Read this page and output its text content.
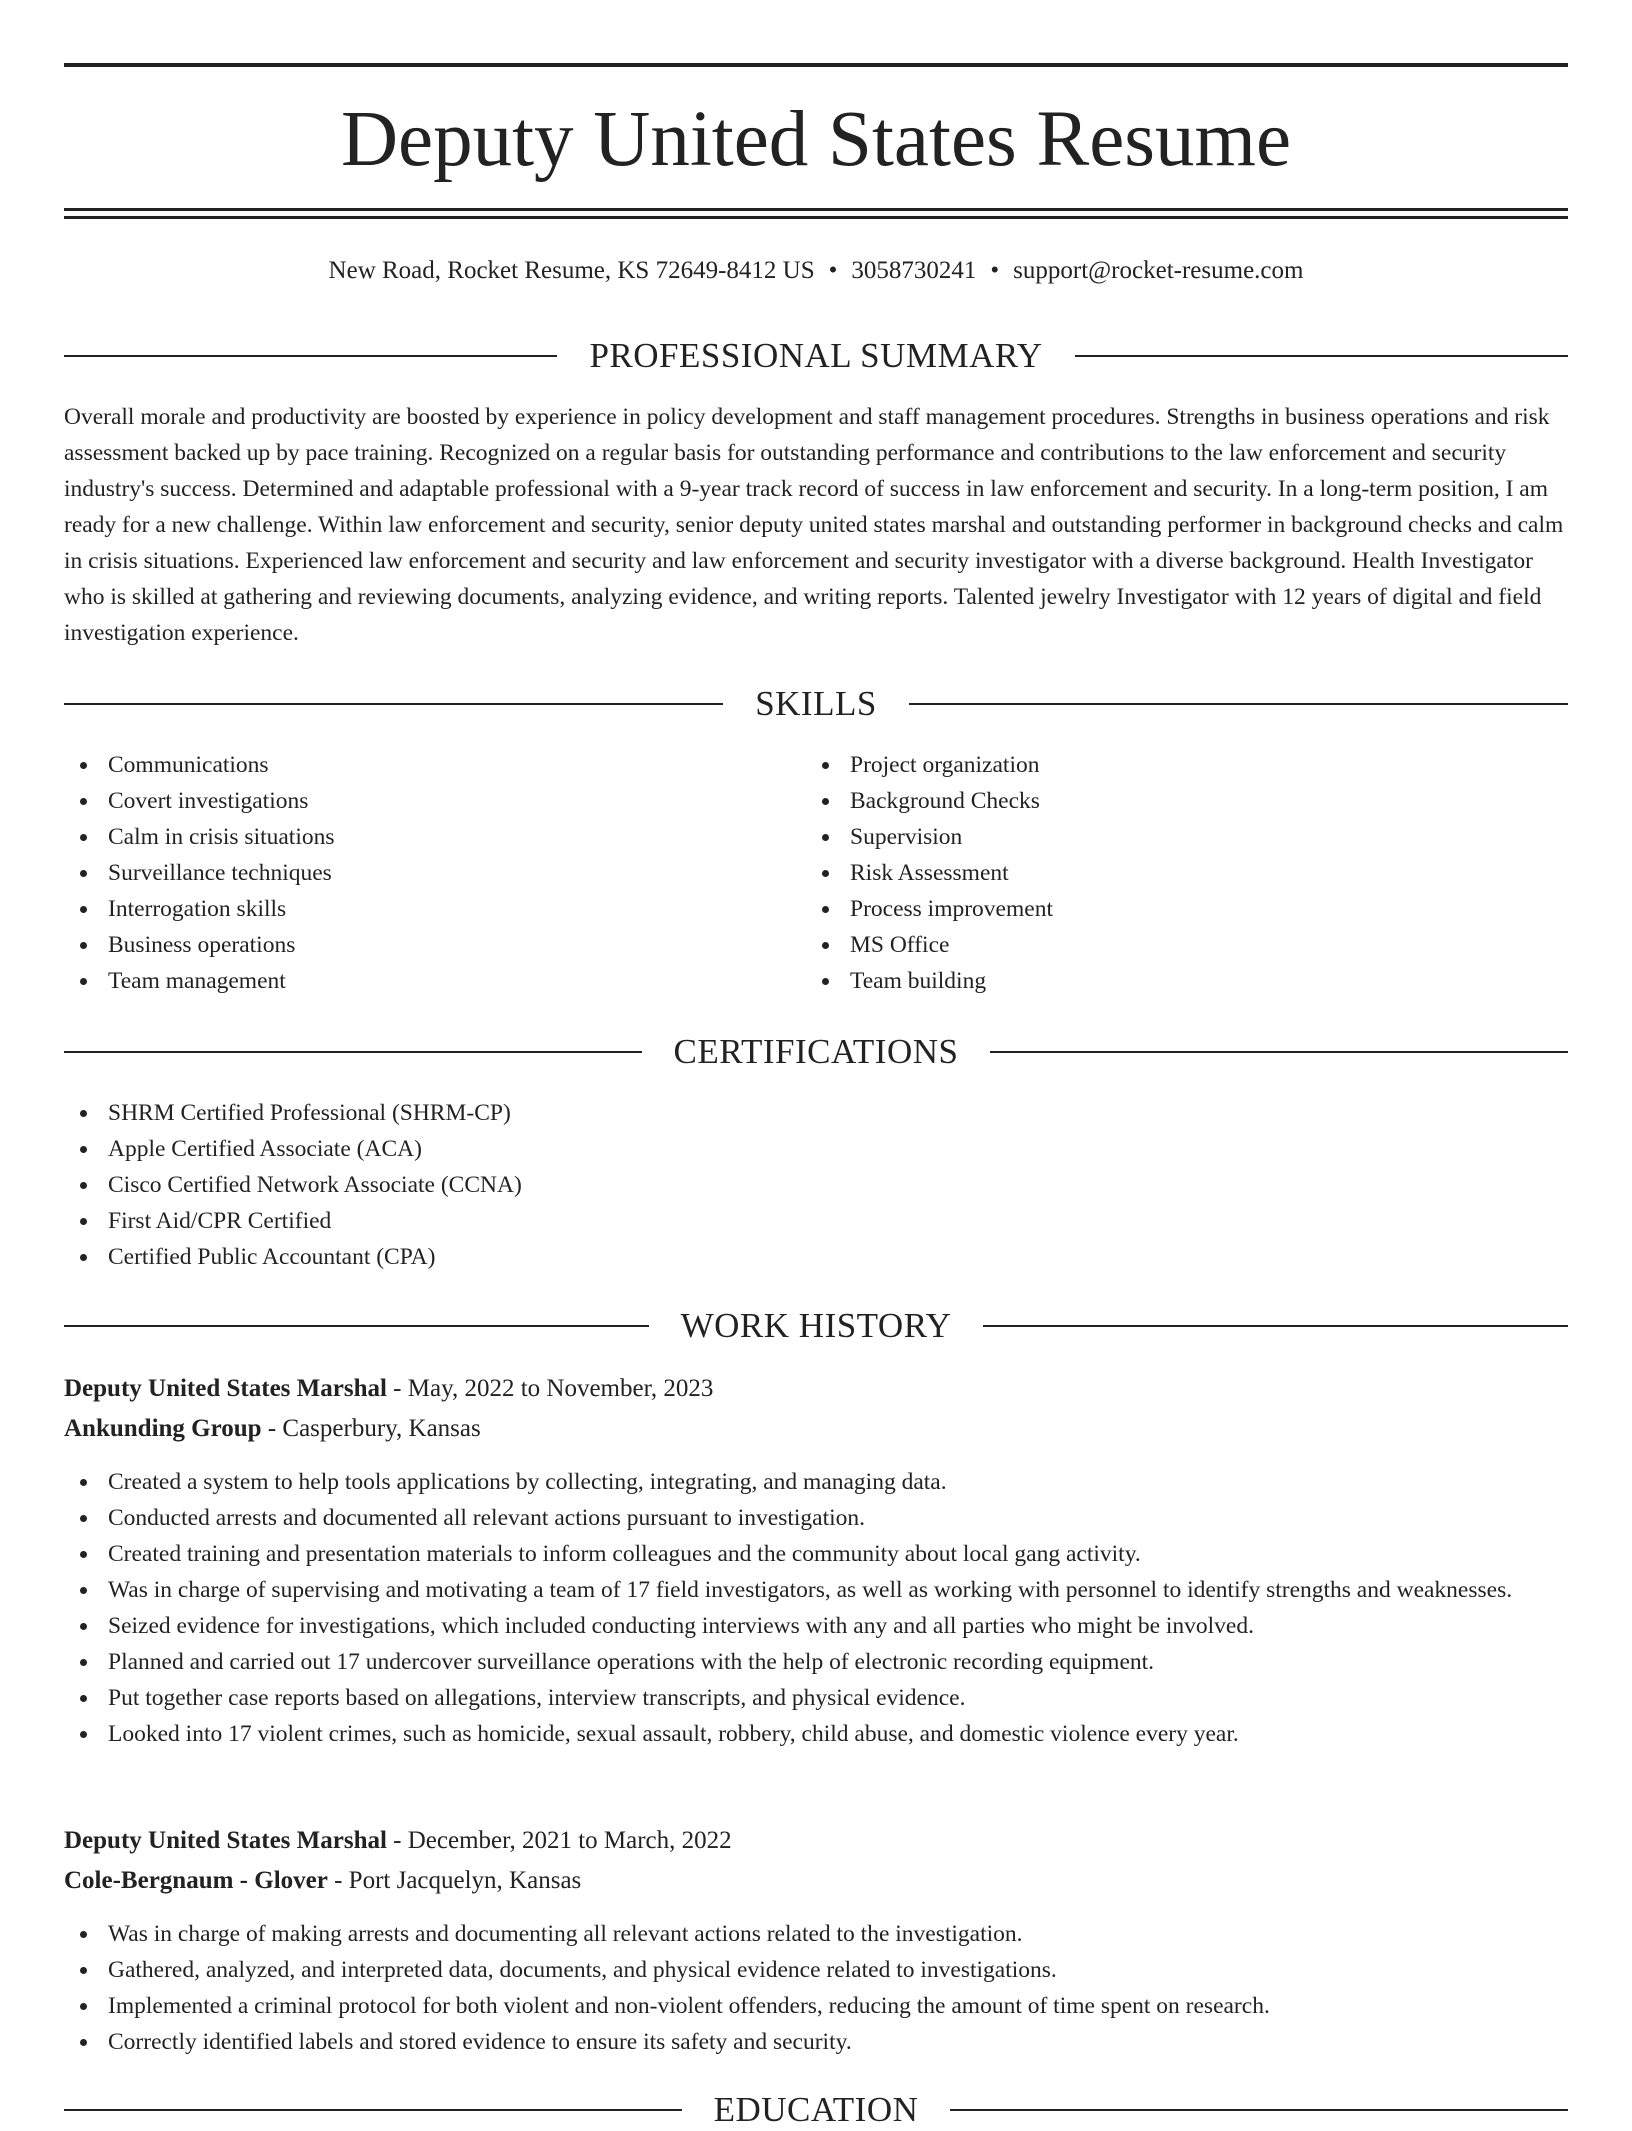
Deputy United States Resume
New Road, Rocket Resume, KS 72649-8412 US • 3058730241 • support@rocket-resume.com
PROFESSIONAL SUMMARY

Overall morale and productivity are boosted by experience in policy development and staff management procedures. Strengths in business operations and risk assessment backed up by pace training. Recognized on a regular basis for outstanding performance and contributions to the law enforcement and security industry's success. Determined and adaptable professional with a 9-year track record of success in law enforcement and security. In a long-term position, I am ready for a new challenge. Within law enforcement and security, senior deputy united states marshal and outstanding performer in background checks and calm in crisis situations. Experienced law enforcement and security and law enforcement and security investigator with a diverse background. Health Investigator who is skilled at gathering and reviewing documents, analyzing evidence, and writing reports. Talented jewelry Investigator with 12 years of digital and field investigation experience.

SKILLS
Communications
Covert investigations
Calm in crisis situations
Surveillance techniques
Interrogation skills
Business operations
Team management
Project organization
Background Checks
Supervision
Risk Assessment
Process improvement
MS Office
Team building
CERTIFICATIONS
SHRM Certified Professional (SHRM-CP)
Apple Certified Associate (ACA)
Cisco Certified Network Associate (CCNA)
First Aid/CPR Certified
Certified Public Accountant (CPA)
WORK HISTORY
Deputy United States Marshal - May, 2022 to November, 2023
Ankunding Group - Casperbury, Kansas
Created a system to help tools applications by collecting, integrating, and managing data.
Conducted arrests and documented all relevant actions pursuant to investigation.
Created training and presentation materials to inform colleagues and the community about local gang activity.
Was in charge of supervising and motivating a team of 17 field investigators, as well as working with personnel to identify strengths and weaknesses.
Seized evidence for investigations, which included conducting interviews with any and all parties who might be involved.
Planned and carried out 17 undercover surveillance operations with the help of electronic recording equipment.
Put together case reports based on allegations, interview transcripts, and physical evidence.
Looked into 17 violent crimes, such as homicide, sexual assault, robbery, child abuse, and domestic violence every year.
Deputy United States Marshal - December, 2021 to March, 2022
Cole-Bergnaum - Glover - Port Jacquelyn, Kansas
Was in charge of making arrests and documenting all relevant actions related to the investigation.
Gathered, analyzed, and interpreted data, documents, and physical evidence related to investigations.
Implemented a criminal protocol for both violent and non-violent offenders, reducing the amount of time spent on research.
Correctly identified labels and stored evidence to ensure its safety and security.
EDUCATION
